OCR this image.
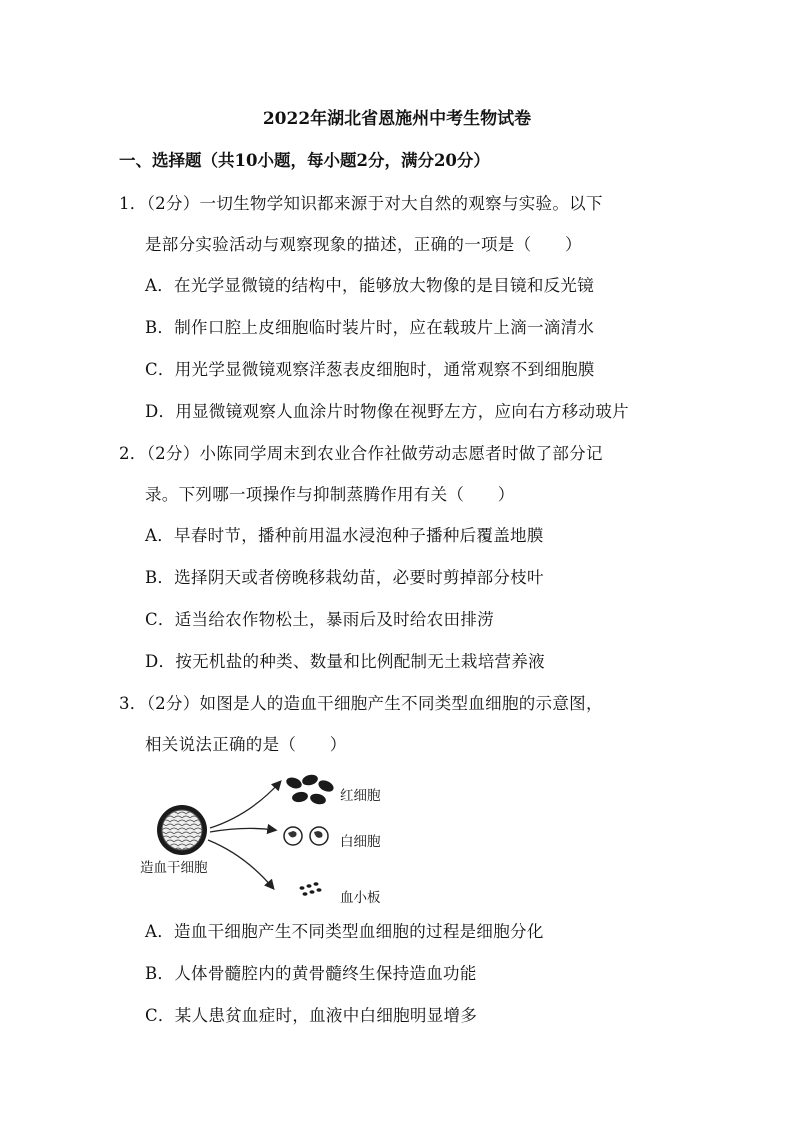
2022年湖北省恩施州中考生物试卷
一、选择题（共10小题，每小题2分，满分20分）
1．（2分）一切生物学知识都来源于对大自然的观察与实验。以下
是部分实验活动与观察现象的描述，正确的一项是（　　）
A．在光学显微镜的结构中，能够放大物像的是目镜和反光镜
B．制作口腔上皮细胞临时装片时，应在载玻片上滴一滴清水
C．用光学显微镜观察洋葱表皮细胞时，通常观察不到细胞膜
D．用显微镜观察人血涂片时物像在视野左方，应向右方移动玻片
2．（2分）小陈同学周末到农业合作社做劳动志愿者时做了部分记
录。下列哪一项操作与抑制蒸腾作用有关（　　）
A．早春时节，播种前用温水浸泡种子播种后覆盖地膜
B．选择阴天或者傍晚移栽幼苗，必要时剪掉部分枝叶
C．适当给农作物松土，暴雨后及时给农田排涝
D．按无机盐的种类、数量和比例配制无土栽培营养液
3．（2分）如图是人的造血干细胞产生不同类型血细胞的示意图，
相关说法正确的是（　　）
造血干细胞
红细胞
白细胞
血小板
A．造血干细胞产生不同类型血细胞的过程是细胞分化
B．人体骨髓腔内的黄骨髓终生保持造血功能
C．某人患贫血症时，血液中白细胞明显增多
